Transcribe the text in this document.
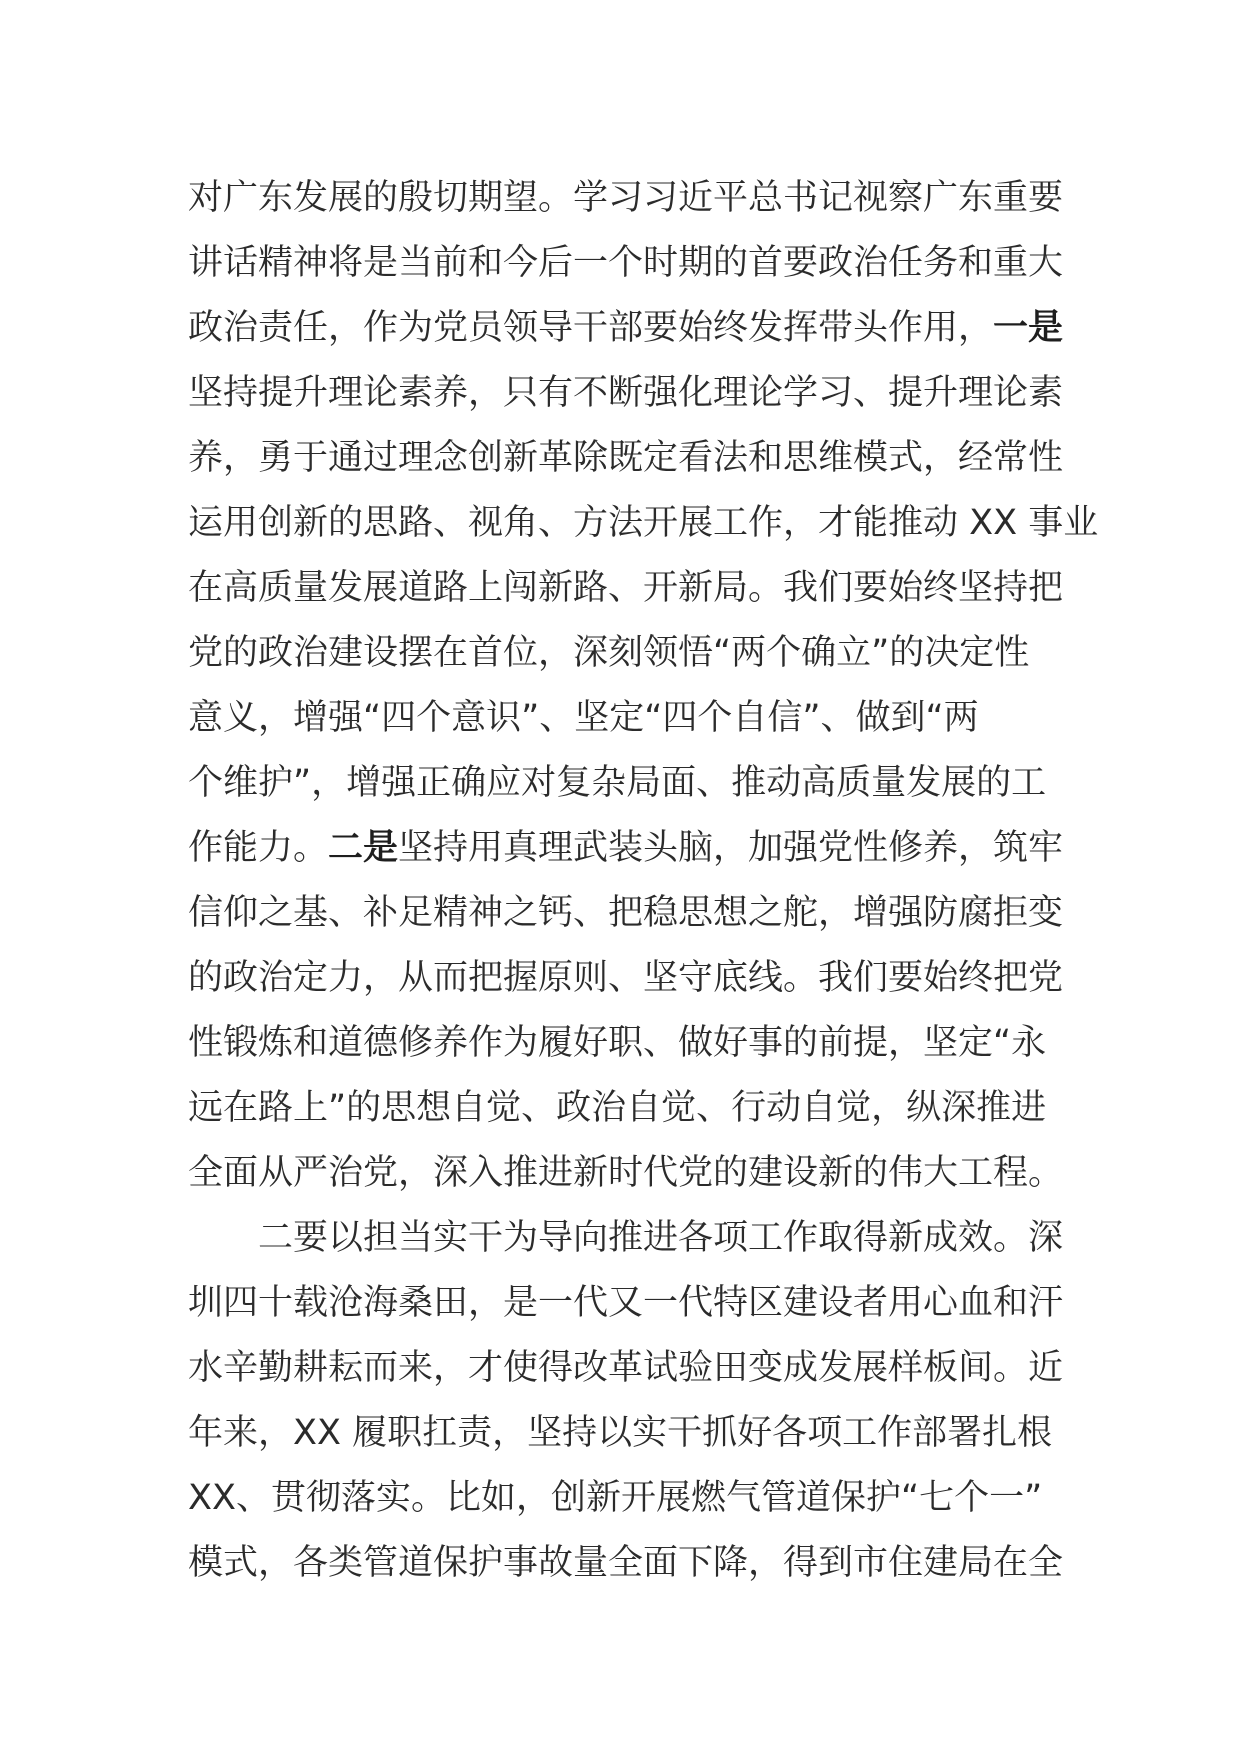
对广东发展的殷切期望。学习习近平总书记视察广东重要
讲话精神将是当前和今后一个时期的首要政治任务和重大
政治责任，作为党员领导干部要始终发挥带头作用，一是
坚持提升理论素养，只有不断强化理论学习、提升理论素
养，勇于通过理念创新革除既定看法和思维模式，经常性
运用创新的思路、视角、方法开展工作，才能推动 XX 事业
在高质量发展道路上闯新路、开新局。我们要始终坚持把
党的政治建设摆在首位，深刻领悟“两个确立”的决定性
意义，增强“四个意识”、坚定“四个自信”、做到“两
个维护”，增强正确应对复杂局面、推动高质量发展的工
作能力。二是坚持用真理武装头脑，加强党性修养，筑牢
信仰之基、补足精神之钙、把稳思想之舵，增强防腐拒变
的政治定力，从而把握原则、坚守底线。我们要始终把党
性锻炼和道德修养作为履好职、做好事的前提，坚定“永
远在路上”的思想自觉、政治自觉、行动自觉，纵深推进
全面从严治党，深入推进新时代党的建设新的伟大工程。
二要以担当实干为导向推进各项工作取得新成效。深
圳四十载沧海桑田，是一代又一代特区建设者用心血和汗
水辛勤耕耘而来，才使得改革试验田变成发展样板间。近
年来，XX 履职扛责，坚持以实干抓好各项工作部署扎根
XX、贯彻落实。比如，创新开展燃气管道保护“七个一”
模式，各类管道保护事故量全面下降，得到市住建局在全
